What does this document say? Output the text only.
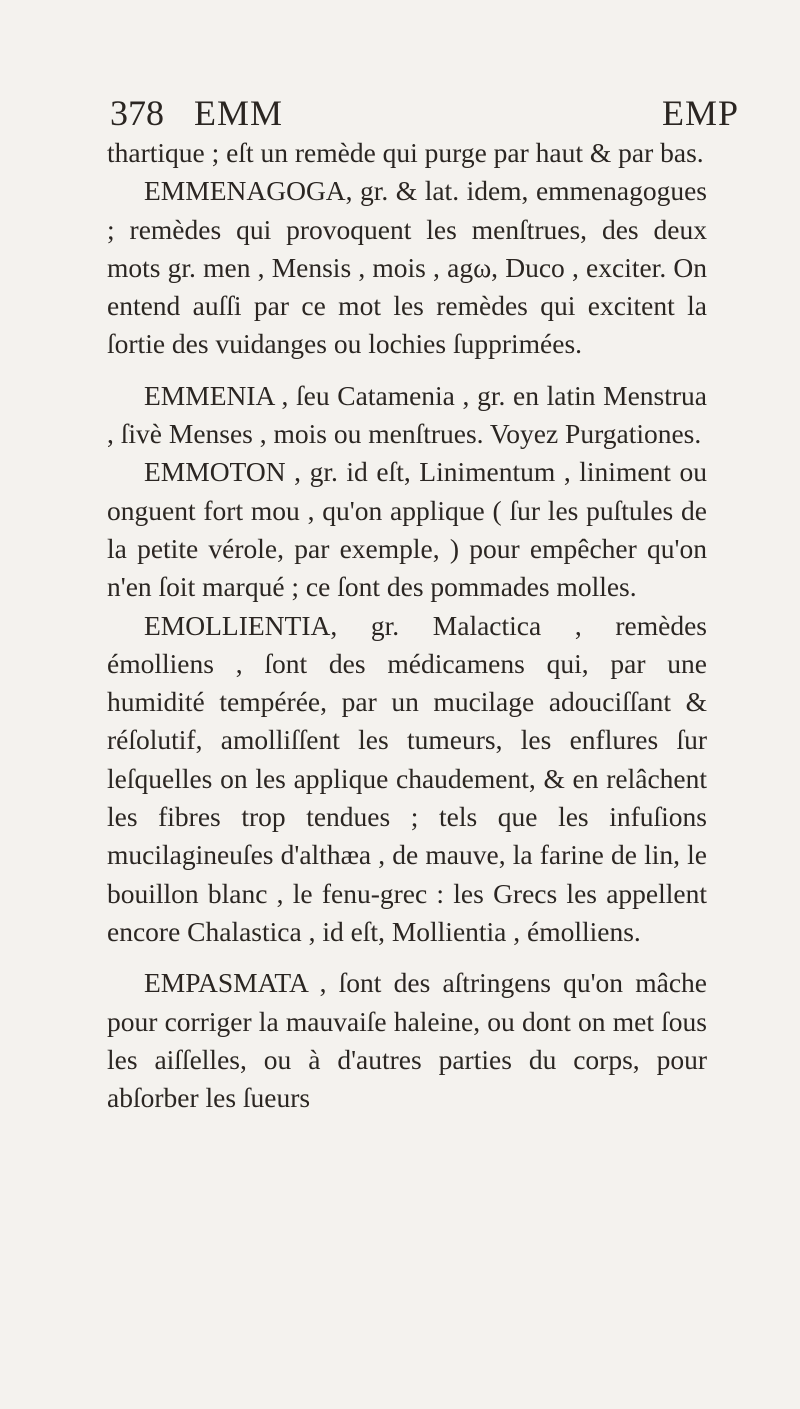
378 EMM	EMP

thartique ; eſt un remède qui purge par haut & par bas.

EMMENAGOGA, gr. & lat. idem, emmenagogues ; remèdes qui provoquent les menſtrues, des deux mots gr. men , Mensis , mois , agω, Duco , exciter. On entend auſſi par ce mot les remèdes qui excitent la ſortie des vuidanges ou lochies ſupprimées.

EMMENIA , ſeu Catamenia , gr. en latin Menstrua , ſivè Menses , mois ou menſtrues. Voyez Purgationes.

EMMOTON , gr. id eſt, Linimentum , liniment ou onguent fort mou , qu'on applique ( ſur les puſtules de la petite vérole, par exemple, ) pour empêcher qu'on n'en ſoit marqué ; ce ſont des pommades molles.

EMOLLIENTIA, gr. Malactica , remèdes émolliens , ſont des médicamens qui, par une humidité tempérée, par un mucilage adouciſſant & réſolutif, amolliſſent les tumeurs, les enflures ſur leſquelles on les applique chaudement, & en relâchent les fibres trop tendues ; tels que les infuſions mucilagineuſes d'althæa , de mauve, la farine de lin, le bouillon blanc , le fenu-grec : les Grecs les appellent encore Chalastica , id eſt, Mollientia , émolliens.

EMPASMATA , ſont des aſtringens qu'on mâche pour corriger la mauvaiſe haleine, ou dont on met ſous les aiſſelles, ou à d'autres parties du corps, pour abſorber les ſueurs
